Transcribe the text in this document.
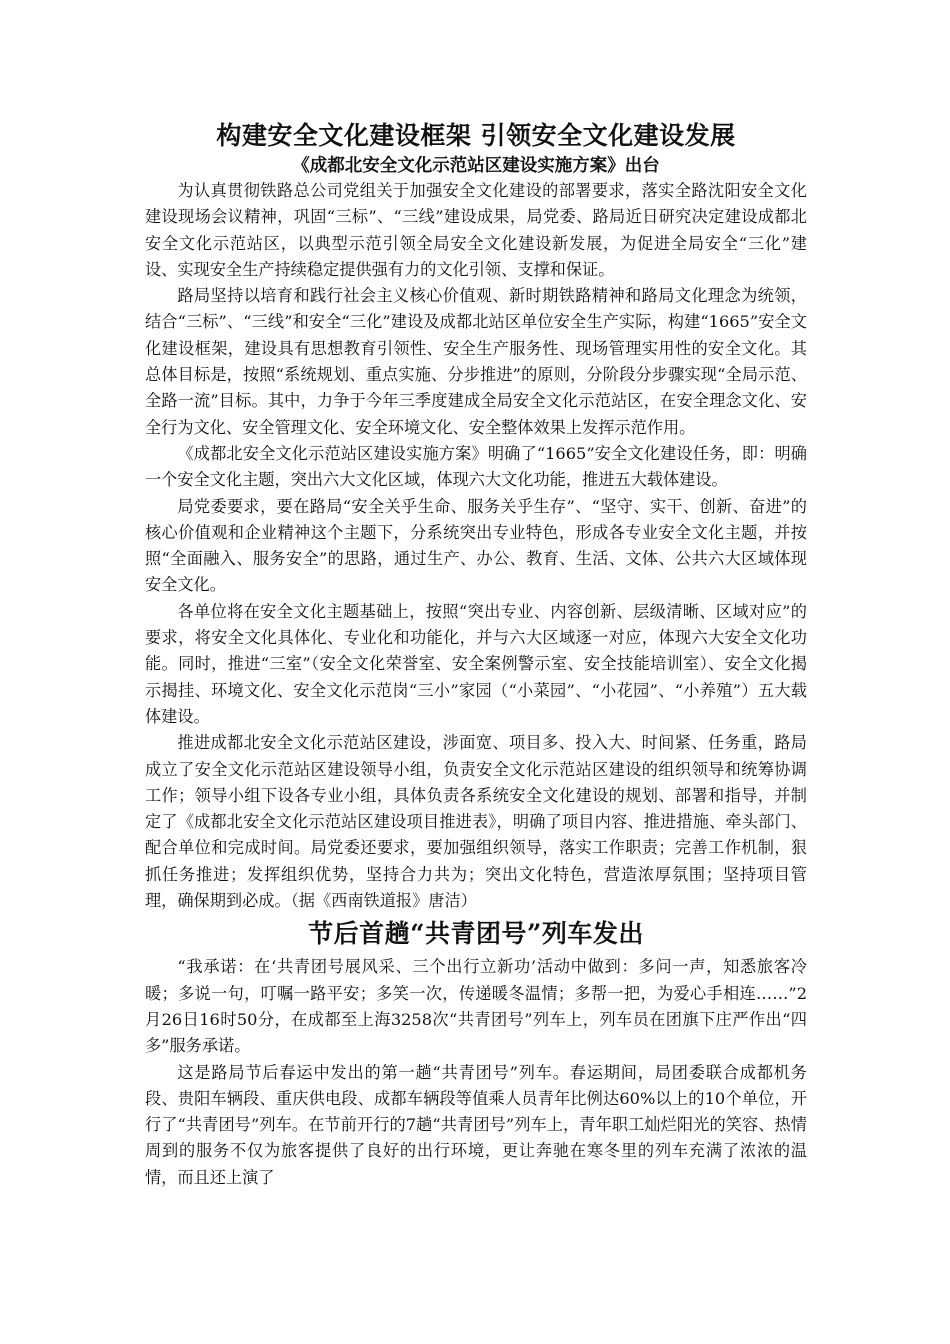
构建安全文化建设框架 引领安全文化建设发展
《成都北安全文化示范站区建设实施方案》出台

为认真贯彻铁路总公司党组关于加强安全文化建设的部署要求，落实全路沈阳安全文化建设现场会议精神，巩固“三标”、“三线”建设成果，局党委、路局近日研究决定建设成都北安全文化示范站区，以典型示范引领全局安全文化建设新发展，为促进全局安全“三化”建设、实现安全生产持续稳定提供强有力的文化引领、支撑和保证。

路局坚持以培育和践行社会主义核心价值观、新时期铁路精神和路局文化理念为统领，结合“三标”、“三线”和安全“三化”建设及成都北站区单位安全生产实际，构建“1665”安全文化建设框架，建设具有思想教育引领性、安全生产服务性、现场管理实用性的安全文化。其总体目标是，按照“系统规划、重点实施、分步推进”的原则，分阶段分步骤实现“全局示范、全路一流”目标。其中，力争于今年三季度建成全局安全文化示范站区，在安全理念文化、安全行为文化、安全管理文化、安全环境文化、安全整体效果上发挥示范作用。

《成都北安全文化示范站区建设实施方案》明确了“1665”安全文化建设任务，即：明确一个安全文化主题，突出六大文化区域，体现六大文化功能，推进五大载体建设。

局党委要求，要在路局“安全关乎生命、服务关乎生存”、“坚守、实干、创新、奋进”的核心价值观和企业精神这个主题下，分系统突出专业特色，形成各专业安全文化主题，并按照“全面融入、服务安全”的思路，通过生产、办公、教育、生活、文体、公共六大区域体现安全文化。

各单位将在安全文化主题基础上，按照“突出专业、内容创新、层级清晰、区域对应”的要求，将安全文化具体化、专业化和功能化，并与六大区域逐一对应，体现六大安全文化功能。同时，推进“三室”（安全文化荣誉室、安全案例警示室、安全技能培训室）、安全文化揭示揭挂、环境文化、安全文化示范岗“三小”家园（“小菜园”、“小花园”、“小养殖”）五大载体建设。

推进成都北安全文化示范站区建设，涉面宽、项目多、投入大、时间紧、任务重，路局成立了安全文化示范站区建设领导小组，负责安全文化示范站区建设的组织领导和统筹协调工作；领导小组下设各专业小组，具体负责各系统安全文化建设的规划、部署和指导，并制定了《成都北安全文化示范站区建设项目推进表》，明确了项目内容、推进措施、牵头部门、配合单位和完成时间。局党委还要求，要加强组织领导，落实工作职责；完善工作机制，狠抓任务推进；发挥组织优势，坚持合力共为；突出文化特色，营造浓厚氛围；坚持项目管理，确保期到必成。（据《西南铁道报》唐洁）

节后首趟“共青团号”列车发出

“我承诺：在‘共青团号展风采、三个出行立新功’活动中做到：多问一声，知悉旅客冷暖；多说一句，叮嘱一路平安；多笑一次，传递暖冬温情；多帮一把，为爱心手相连……”2月26日16时50分，在成都至上海3258次“共青团号”列车上，列车员在团旗下庄严作出“四多”服务承诺。

这是路局节后春运中发出的第一趟“共青团号”列车。春运期间，局团委联合成都机务段、贵阳车辆段、重庆供电段、成都车辆段等值乘人员青年比例达60%以上的10个单位，开行了“共青团号”列车。在节前开行的7趟“共青团号”列车上，青年职工灿烂阳光的笑容、热情周到的服务不仅为旅客提供了良好的出行环境，更让奔驰在寒冬里的列车充满了浓浓的温情，而且还上演了
